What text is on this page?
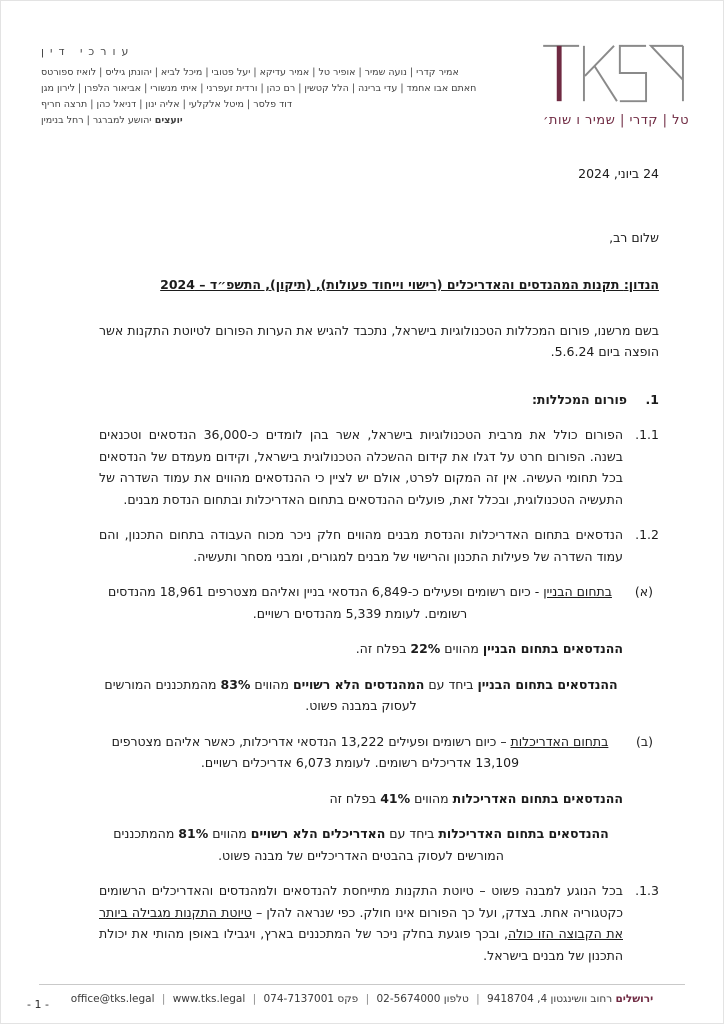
טל | קדרי | שמיר ו שות׳
עורכי דין
אמיר קדרי | נועה שמיר | אופיר טל | אמיר עדיקא | יעל פטובי | מיכל לביא | יהונתן גיליס | לואיז ספורטס
חאתם אבו אחמד | עדי ברינה | הלל קטשין | רם כהן | ורדית זעפרני | איתי מנשורי | אביאור הלפרן | לירון מגן
דוד פלסר | מיטל אלקלעי | אליה ינון | דניאל כהן | תרצה חריף
יועצים יהושע למברגר | רחל בנימין
24 ביוני, 2024
שלום רב,
הנדון: תקנות המהנדסים והאדריכלים (רישוי וייחוד פעולות), (תיקון), התשפ״ד – 2024
בשם מרשנו, פורום המכללות הטכנולוגיות בישראל, נתכבד להגיש את הערות הפורום לטיוטת התקנות אשר הופצה ביום 5.6.24.
1.
פורום המכללות:
1.1.
הפורום כולל את מרבית הטכנולוגיות בישראל, אשר בהן לומדים כ-36,000 הנדסאים וטכנאים בשנה. הפורום חרט על דגלו את קידום ההשכלה הטכנולוגית בישראל, וקידום מעמדם של הנדסאים בכל תחומי העשיה. אין זה המקום לפרט, אולם יש לציין כי ההנדסאים מהווים את עמוד השדרה של התעשיה הטכנולוגית, ובכלל זאת, פועלים ההנדסאים בתחום האדריכלות ובתחום הנדסת מבנים.
1.2.
הנדסאים בתחום האדריכלות והנדסת מבנים מהווים חלק ניכר מכוח העבודה בתחום התכנון, והם עמוד השדרה של פעילות התכנון והרישוי של מבנים למגורים, ומבני מסחר ותעשיה.
(א)
בתחום הבניין - כיום רשומים ופעילים כ-6,849 הנדסאי בניין ואליהם מצטרפים 18,961 מהנדסים רשומים. לעומת 5,339 מהנדסים רשויים.
ההנדסאים בתחום הבניין מהווים 22% בפלח זה.
ההנדסאים בתחום הבניין ביחד עם המהנדסים הלא רשויים מהווים 83% מהמתכננים המורשים לעסוק במבנה פשוט.
(ב)
בתחום האדריכלות – כיום רשומים ופעילים 13,222 הנדסאי אדריכלות, כאשר אליהם מצטרפים 13,109 אדריכלים רשומים. לעומת 6,073 אדריכלים רשויים.
ההנדסאים בתחום האדריכלות מהווים 41% בפלח זה
ההנדסאים בתחום האדריכלות ביחד עם האדריכלים הלא רשויים מהווים 81% מהמתכננים המורשים לעסוק בהבטים האדריכליים של מבנה פשוט.
1.3.
בכל הנוגע למבנה פשוט – טיוטת התקנות מתייחסת להנדסאים ולמהנדסים והאדריכלים הרשומים כקטגוריה אחת. בצדק, ועל כך הפורום אינו חולק. כפי שנראה להלן – טיוטת התקנות מגבילה ביותר את הקבוצה הזו כולה, ובכך פוגעת בחלק ניכר של המתכננים בארץ, ויגבילו באופן מהותי את יכולת התכנון של מבנים בישראל.
ירושלים רחוב וושינגטון 4, 9418704 | טלפון 02-5674000 | פקס 074-7137001 | office@tks.legal | www.tks.legal
- 1 -
